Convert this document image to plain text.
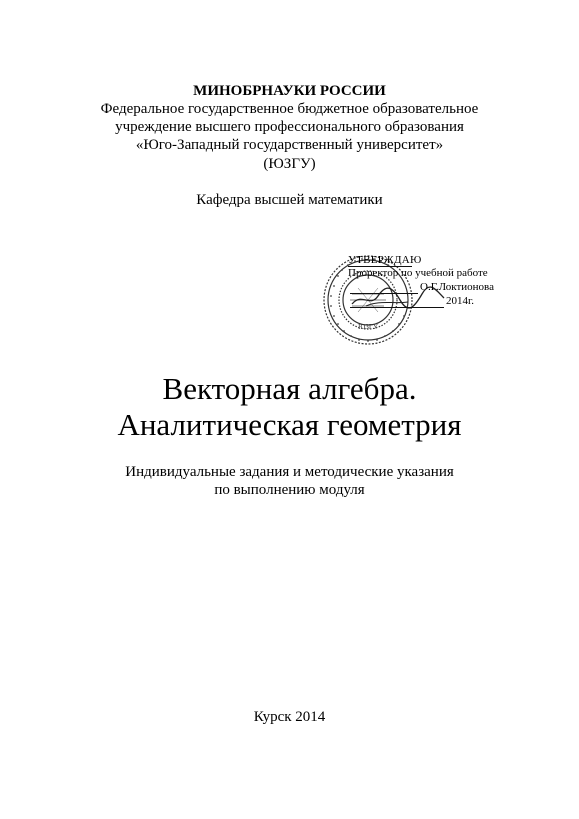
МИНОБРНАУКИ РОССИИ
Федеральное государственное бюджетное образовательное
учреждение высшего профессионального образования
«Юго-Западный государственный университет»
(ЮЗГУ)
Кафедра высшей математики
ЮЗГУ
УТВЕРЖДАЮ
Проректор по учебной работе
О.Г.Локтионова
2014г.
Векторная алгебра.
Аналитическая геометрия
Индивидуальные задания и методические указания
по выполнению модуля
Курск 2014
